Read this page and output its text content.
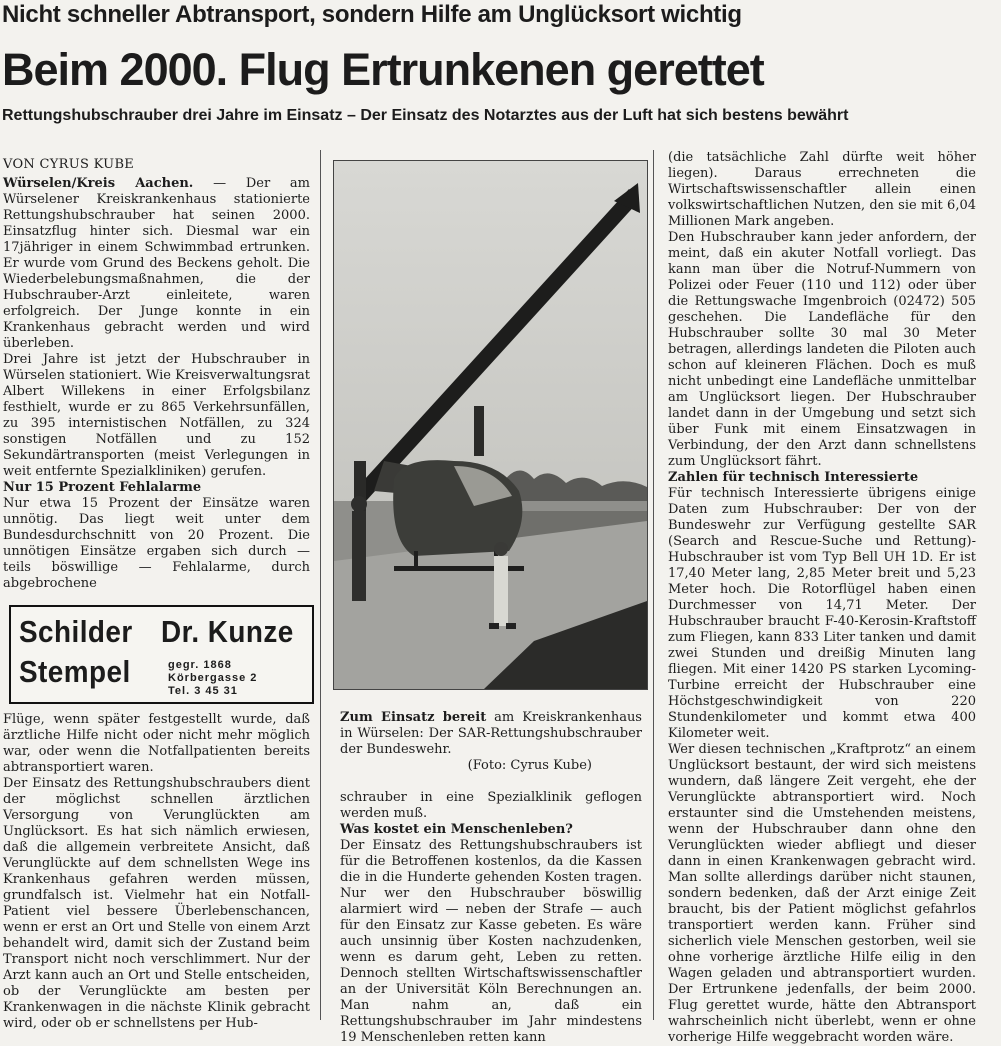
Nicht schneller Abtransport, sondern Hilfe am Unglücksort wichtig
Beim 2000. Flug Ertrunkenen gerettet
Rettungshubschrauber drei Jahre im Einsatz – Der Einsatz des Notarztes aus der Luft hat sich bestens bewährt
VON CYRUS KUBE

Würselen/Kreis Aachen. — Der am Würselener Kreiskrankenhaus stationierte Rettungshubschrauber hat seinen 2000. Einsatzflug hinter sich. Diesmal war ein 17jähriger in einem Schwimmbad ertrunken. Er wurde vom Grund des Beckens geholt. Die Wiederbelebungsmaßnahmen, die der Hubschrauber-Arzt einleitete, waren erfolgreich. Der Junge konnte in ein Krankenhaus gebracht werden und wird überleben.

Drei Jahre ist jetzt der Hubschrauber in Würselen stationiert. Wie Kreisverwaltungsrat Albert Willekens in einer Erfolgsbilanz festhielt, wurde er zu 865 Verkehrsunfällen, zu 395 internistischen Notfällen, zu 324 sonstigen Notfällen und zu 152 Sekundärtransporten (meist Verlegungen in weit entfernte Spezialkliniken) gerufen.

Nur 15 Prozent Fehlalarme

Nur etwa 15 Prozent der Einsätze waren unnötig. Das liegt weit unter dem Bundesdurchschnitt von 20 Prozent. Die unnötigen Einsätze ergaben sich durch — teils böswillige — Fehlalarme, durch abgebrochene

Schilder Dr. Kunze
Stempel	gegr. 1868
Körbergasse 2
Tel. 3 45 31

Flüge, wenn später festgestellt wurde, daß ärztliche Hilfe nicht oder nicht mehr möglich war, oder wenn die Notfallpatienten bereits abtransportiert waren.

Der Einsatz des Rettungshubschraubers dient der möglichst schnellen ärztlichen Versorgung von Verunglückten am Unglücksort. Es hat sich nämlich erwiesen, daß die allgemein verbreitete Ansicht, daß Verunglückte auf dem schnellsten Wege ins Krankenhaus gefahren werden müssen, grundfalsch ist. Vielmehr hat ein Notfall-Patient viel bessere Überlebenschancen, wenn er erst an Ort und Stelle von einem Arzt behandelt wird, damit sich der Zustand beim Transport nicht noch verschlimmert. Nur der Arzt kann auch an Ort und Stelle entscheiden, ob der Verunglückte am besten per Krankenwagen in die nächste Klinik gebracht wird, oder ob er schnellstens per Hub-

Zum Einsatz bereit am Kreiskrankenhaus in Würselen: Der SAR-Rettungshubschrauber der Bundeswehr.
(Foto: Cyrus Kube)

schrauber in eine Spezialklinik geflogen werden muß.

Was kostet ein Menschenleben?

Der Einsatz des Rettungshubschraubers ist für die Betroffenen kostenlos, da die Kassen die in die Hunderte gehenden Kosten tragen. Nur wer den Hubschrauber böswillig alarmiert wird — neben der Strafe — auch für den Einsatz zur Kasse gebeten. Es wäre auch unsinnig über Kosten nachzudenken, wenn es darum geht, Leben zu retten. Dennoch stellten Wirtschaftswissenschaftler an der Universität Köln Berechnungen an. Man nahm an, daß ein Rettungshubschrauber im Jahr mindestens 19 Menschenleben retten kann

(die tatsächliche Zahl dürfte weit höher liegen). Daraus errechneten die Wirtschaftswissenschaftler allein einen volkswirtschaftlichen Nutzen, den sie mit 6,04 Millionen Mark angeben.

Den Hubschrauber kann jeder anfordern, der meint, daß ein akuter Notfall vorliegt. Das kann man über die Notruf-Nummern von Polizei oder Feuer (110 und 112) oder über die Rettungswache Imgenbroich (02472) 505 geschehen. Die Landefläche für den Hubschrauber sollte 30 mal 30 Meter betragen, allerdings landeten die Piloten auch schon auf kleineren Flächen. Doch es muß nicht unbedingt eine Landefläche unmittelbar am Unglücksort liegen. Der Hubschrauber landet dann in der Umgebung und setzt sich über Funk mit einem Einsatzwagen in Verbindung, der den Arzt dann schnellstens zum Unglücksort fährt.

Zahlen für technisch Interessierte

Für technisch Interessierte übrigens einige Daten zum Hubschrauber: Der von der Bundeswehr zur Verfügung gestellte SAR (Search and Rescue-Suche und Rettung)-Hubschrauber ist vom Typ Bell UH 1D. Er ist 17,40 Meter lang, 2,85 Meter breit und 5,23 Meter hoch. Die Rotorflügel haben einen Durchmesser von 14,71 Meter. Der Hubschrauber braucht F-40-Kerosin-Kraftstoff zum Fliegen, kann 833 Liter tanken und damit zwei Stunden und dreißig Minuten lang fliegen. Mit einer 1420 PS starken Lycoming-Turbine erreicht der Hubschrauber eine Höchstgeschwindigkeit von 220 Stundenkilometer und kommt etwa 400 Kilometer weit.

Wer diesen technischen „Kraftprotz“ an einem Unglücksort bestaunt, der wird sich meistens wundern, daß längere Zeit vergeht, ehe der Verunglückte abtransportiert wird. Noch erstaunter sind die Umstehenden meistens, wenn der Hubschrauber dann ohne den Verunglückten wieder abfliegt und dieser dann in einen Krankenwagen gebracht wird. Man sollte allerdings darüber nicht staunen, sondern bedenken, daß der Arzt einige Zeit braucht, bis der Patient möglichst gefahrlos transportiert werden kann. Früher sind sicherlich viele Menschen gestorben, weil sie ohne vorherige ärztliche Hilfe eilig in den Wagen geladen und abtransportiert wurden. Der Ertrunkene jedenfalls, der beim 2000. Flug gerettet wurde, hätte den Abtransport wahrscheinlich nicht überlebt, wenn er ohne vorherige Hilfe weggebracht worden wäre.
